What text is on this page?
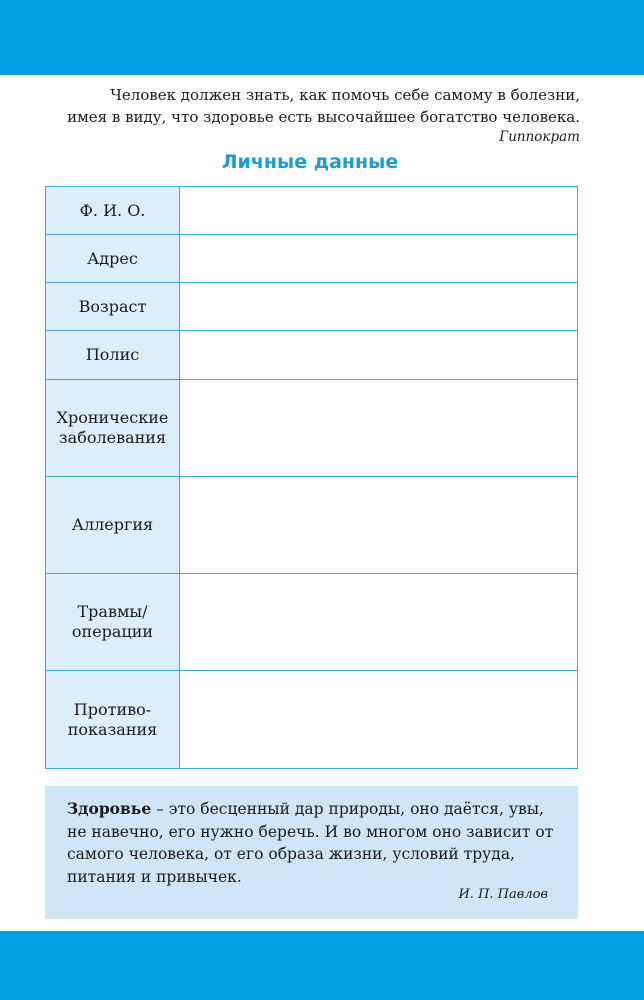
Человек должен знать, как помочь себе самому в болезни,
имея в виду, что здоровье есть высочайшее богатство человека.
Гиппократ
Личные данные
Ф. И. О.	

Адрес	

Возраст	

Полис	

Хронические
заболевания	

Аллергия	

Травмы/
операции	

Противо-
показания	

Здоровье – это бесценный дар природы, оно даётся, увы, не навечно, его нужно беречь. И во многом оно зависит от самого человека, от его образа жизни, условий труда, питания и привычек.
И. П. Павлов
